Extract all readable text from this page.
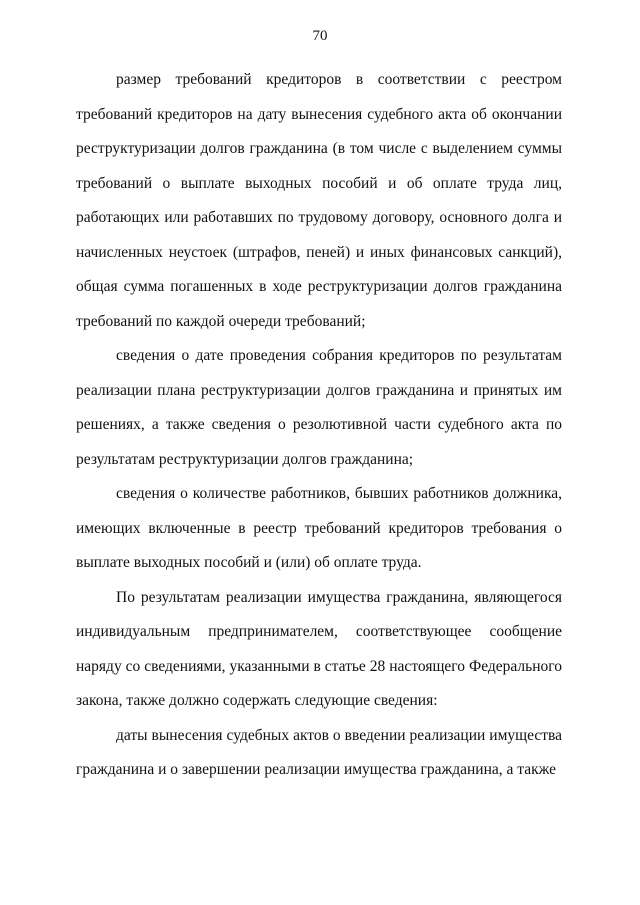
70

размер требований кредиторов в соответствии с реестром требований кредиторов на дату вынесения судебного акта об окончании реструктуризации долгов гражданина (в том числе с выделением суммы требований о выплате выходных пособий и об оплате труда лиц, работающих или работавших по трудовому договору, основного долга и начисленных неустоек (штрафов, пеней) и иных финансовых санкций), общая сумма погашенных в ходе реструктуризации долгов гражданина требований по каждой очереди требований;

сведения о дате проведения собрания кредиторов по результатам реализации плана реструктуризации долгов гражданина и принятых им решениях, а также сведения о резолютивной части судебного акта по результатам реструктуризации долгов гражданина;

сведения о количестве работников, бывших работников должника, имеющих включенные в реестр требований кредиторов требования о выплате выходных пособий и (или) об оплате труда.

По результатам реализации имущества гражданина, являющегося индивидуальным предпринимателем, соответствующее сообщение наряду со сведениями, указанными в статье 28 настоящего Федерального закона, также должно содержать следующие сведения:

даты вынесения судебных актов о введении реализации имущества гражданина и о завершении реализации имущества гражданина, а также
